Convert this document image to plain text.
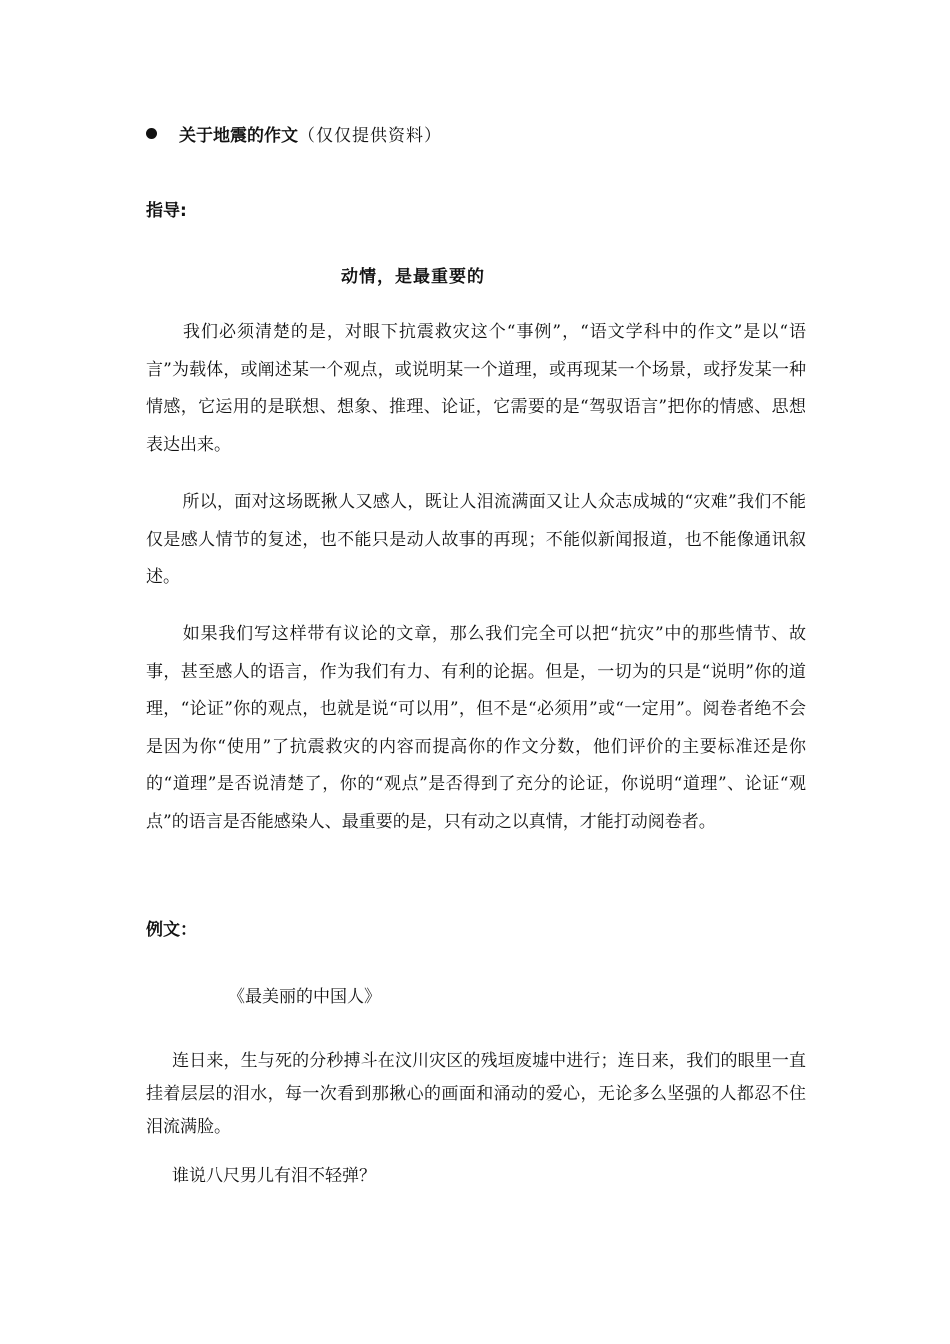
关于地震的作文 （仅仅提供资料）
指导:
动情，是最重要的

我们必须清楚的是，对眼下抗震救灾这个“事例”，“语文学科中的作文”是以“语言”为载体，或阐述某一个观点，或说明某一个道理，或再现某一个场景，或抒发某一种情感，它运用的是联想、想象、推理、论证，它需要的是“驾驭语言”把你的情感、思想表达出来。

所以，面对这场既揪人又感人，既让人泪流满面又让人众志成城的“灾难”我们不能仅是感人情节的复述，也不能只是动人故事的再现；不能似新闻报道，也不能像通讯叙述。

如果我们写这样带有议论的文章，那么我们完全可以把“抗灾”中的那些情节、故事，甚至感人的语言，作为我们有力、有利的论据。但是，一切为的只是“说明”你的道理，“论证”你的观点，也就是说“可以用”，但不是“必须用”或“一定用”。阅卷者绝不会是因为你“使用”了抗震救灾的内容而提高你的作文分数，他们评价的主要标准还是你的“道理”是否说清楚了，你的“观点”是否得到了充分的论证，你说明“道理”、论证“观点”的语言是否能感染人、最重要的是，只有动之以真情，才能打动阅卷者。

例文：
《最美丽的中国人》

连日来，生与死的分秒搏斗在汶川灾区的残垣废墟中进行；连日来，我们的眼里一直挂着层层的泪水，每一次看到那揪心的画面和涌动的爱心，无论多么坚强的人都忍不住泪流满脸。

谁说八尺男儿有泪不轻弹？
